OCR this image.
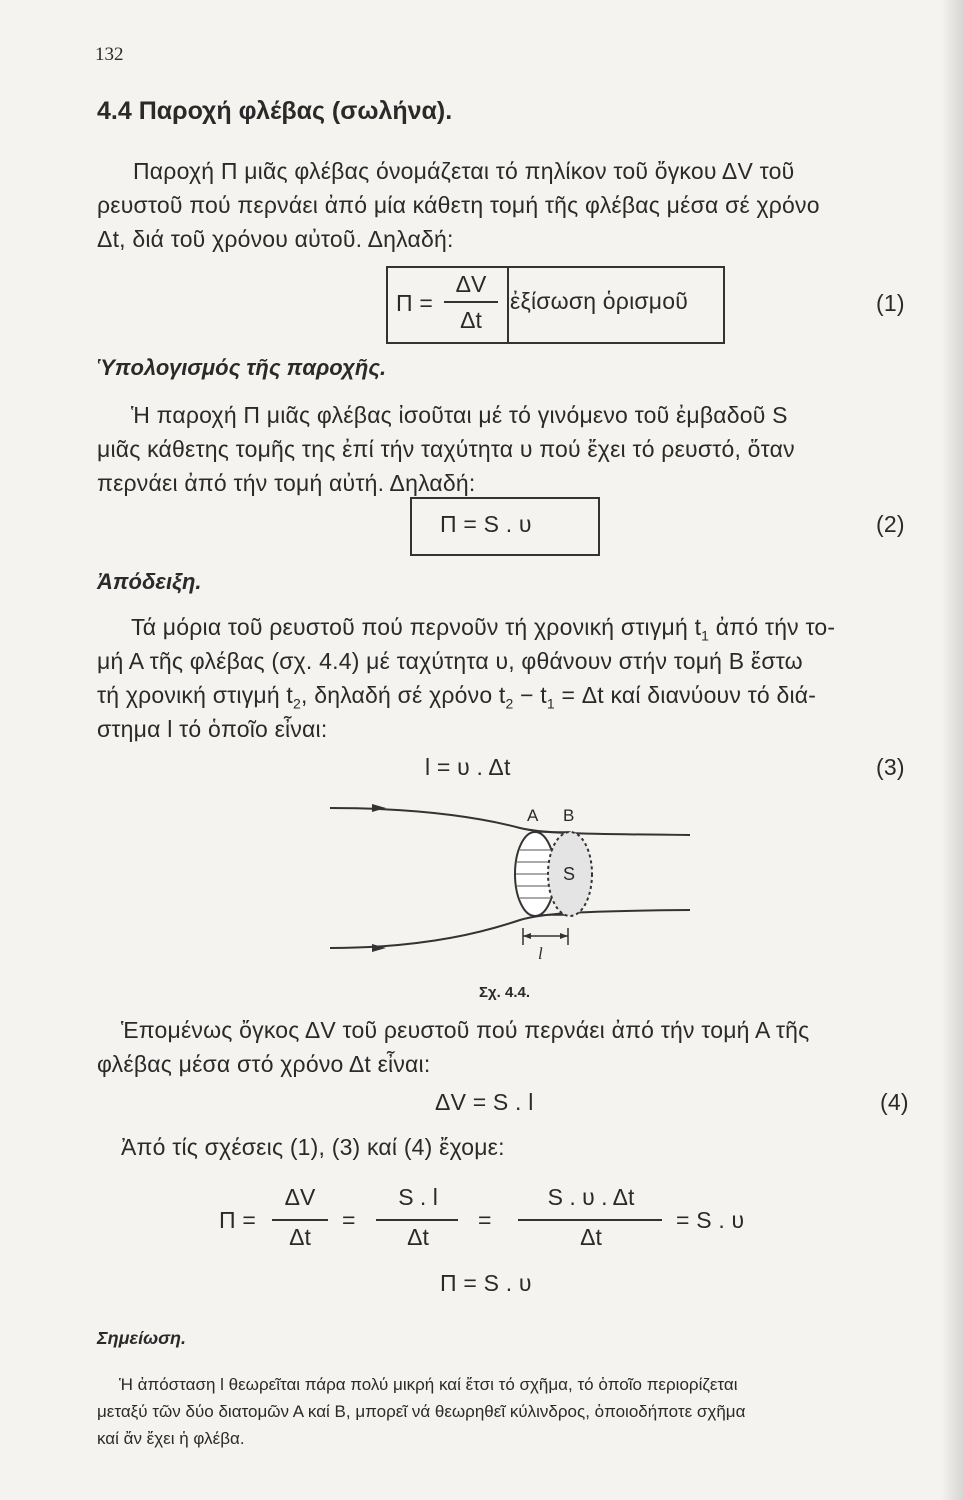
132
4.4 Παροχή φλέβας (σωλήνα).
Παροχή Π μιᾶς φλέβας όνομάζεται τό πηλίκον τοῦ ὄγκου ΔV τοῦ
ρευστοῦ πού περνάει ἀπό μία κάθετη τομή τῆς φλέβας μέσα σέ χρόνο
Δt, διά τοῦ χρόνου αὐτοῦ. Δηλαδή:
Π =
ΔV
Δt
ἐξίσωση ὁρισμοῦ	(1)
Ὑπολογισμός τῆς παροχῆς.
Ἡ παροχή Π μιᾶς φλέβας ἰσοῦται μέ τό γινόμενο τοῦ ἐμβαδοῦ S
μιᾶς κάθετης τομῆς της ἐπί τήν ταχύτητα υ πού ἔχει τό ρευστό, ὅταν
περνάει ἀπό τήν τομή αὐτή. Δηλαδή:
Π = S . υ	(2)
Ἀπόδειξη.
Τά μόρια τοῦ ρευστοῦ πού περνοῦν τή χρονική στιγμή $t_1$ ἀπό τήν το-
μή Α τῆς φλέβας (σχ. 4.4) μέ ταχύτητα υ, φθάνουν στήν τομή Β ἔστω
τή χρονική στιγμή $t_2$, δηλαδή σέ χρόνο $t_2 - t_1 = \Delta t$ καί διανύουν τό διά-
στημα l τό ὁποῖο εἶναι:
l = υ . Δt	(3)
Α Β
S
l
Σχ. 4.4.
Ἑπομένως ὄγκος ΔV τοῦ ρευστοῦ πού περνάει ἀπό τήν τομή Α τῆς
φλέβας μέσα στό χρόνο Δt εἶναι:
ΔV = S . l	(4)
Ἀπό τίς σχέσεις (1), (3) καί (4) ἔχομε:
Π =
ΔV
Δt
=
S . l
Δt
=
S . υ . Δt
Δt
= S . υ
Π = S . υ
Σημείωση.
Ἡ ἀπόσταση l θεωρεῖται πάρα πολύ μικρή καί ἔτσι τό σχῆμα, τό ὁποῖο περιορίζεται
μεταξύ τῶν δύο διατομῶν Α καί Β, μπορεῖ νά θεωρηθεῖ κύλινδρος, ὁποιοδήποτε σχῆμα
καί ἄν ἔχει ἡ φλέβα.
